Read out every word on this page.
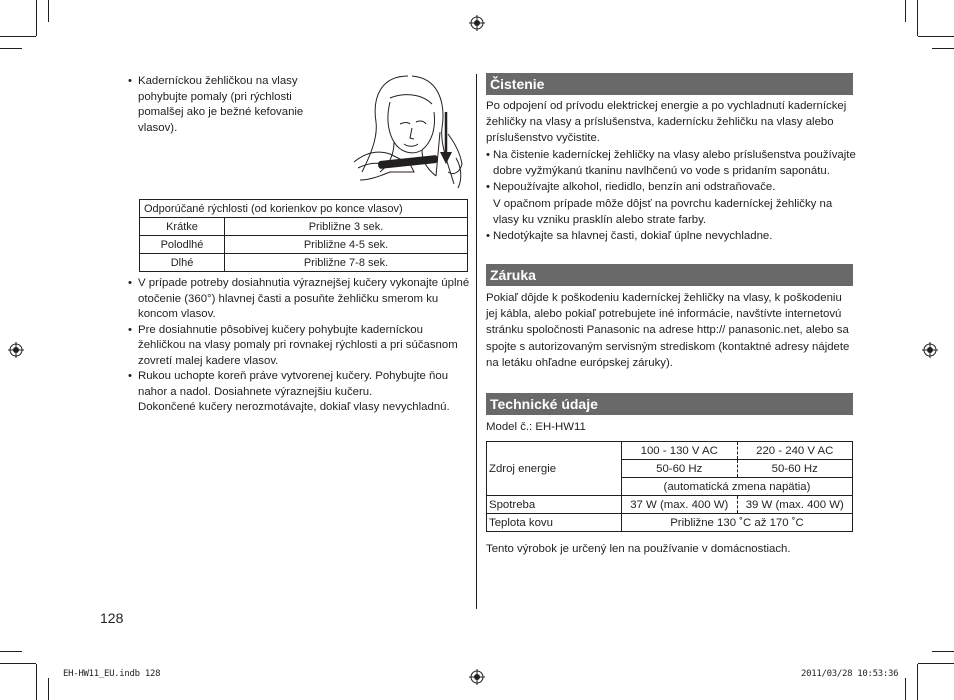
• Kaderníckou žehličkou na vlasy pohybujte pomaly (pri rýchlosti pomalšej ako je bežné kefovanie vlasov).
Odporúčané rýchlosti (od korienkov po konce vlasov)	
Krátke	Približne 3 sek.
Polodlhé	Približne 4-5 sek.
Dlhé	Približne 7-8 sek.
• V prípade potreby dosiahnutia výraznejšej kučery vykonajte úplné otočenie (360°) hlavnej časti a posuňte žehličku smerom ku koncom vlasov.
• Pre dosiahnutie pôsobivej kučery pohybujte kaderníckou žehličkou na vlasy pomaly pri rovnakej rýchlosti a pri súčasnom zovretí malej kadere vlasov.
• Rukou uchopte koreň práve vytvorenej kučery. Pohybujte ňou nahor a nadol. Dosiahnete výraznejšiu kučeru.
Dokončené kučery nerozmotávajte, dokiaľ vlasy nevychladnú.
Čistenie

Po odpojení od prívodu elektrickej energie a po vychladnutí kaderníckej žehličky na vlasy a príslušenstva, kadernícku žehličku na vlasy alebo príslušenstvo vyčistite.

• Na čistenie kaderníckej žehličky na vlasy alebo príslušenstva používajte dobre vyžmýkanú tkaninu navlhčenú vo vode s pridaním saponátu.
• Nepoužívajte alkohol, riedidlo, benzín ani odstraňovače.
V opačnom prípade môže dôjsť na povrchu kaderníckej žehličky na vlasy ku vzniku prasklín alebo strate farby.
• Nedotýkajte sa hlavnej časti, dokiaľ úplne nevychladne.
Záruka

Pokiaľ dôjde k poškodeniu kaderníckej žehličky na vlasy, k poškodeniu jej kábla, alebo pokiaľ potrebujete iné informácie, navštívte internetovú stránku spoločnosti Panasonic na adrese http:// panasonic.net, alebo sa spojte s autorizovaným servisným strediskom (kontaktné adresy nájdete na letáku ohľadne európskej záruky).

Technické údaje

Model č.: EH-HW11

Zdroj energie	100 - 130 V AC	220 - 240 V AC
	50-60 Hz	50-60 Hz
	(automatická zmena napätia)	
Spotreba	37 W (max. 400 W)	39 W (max. 400 W)
Teplota kovu	Približne 130 ˚C až 170 ˚C	

Tento výrobok je určený len na používanie v domácnostiach.

128
EH-HW11_EU.indb 128	2011/03/28 10:53:36
